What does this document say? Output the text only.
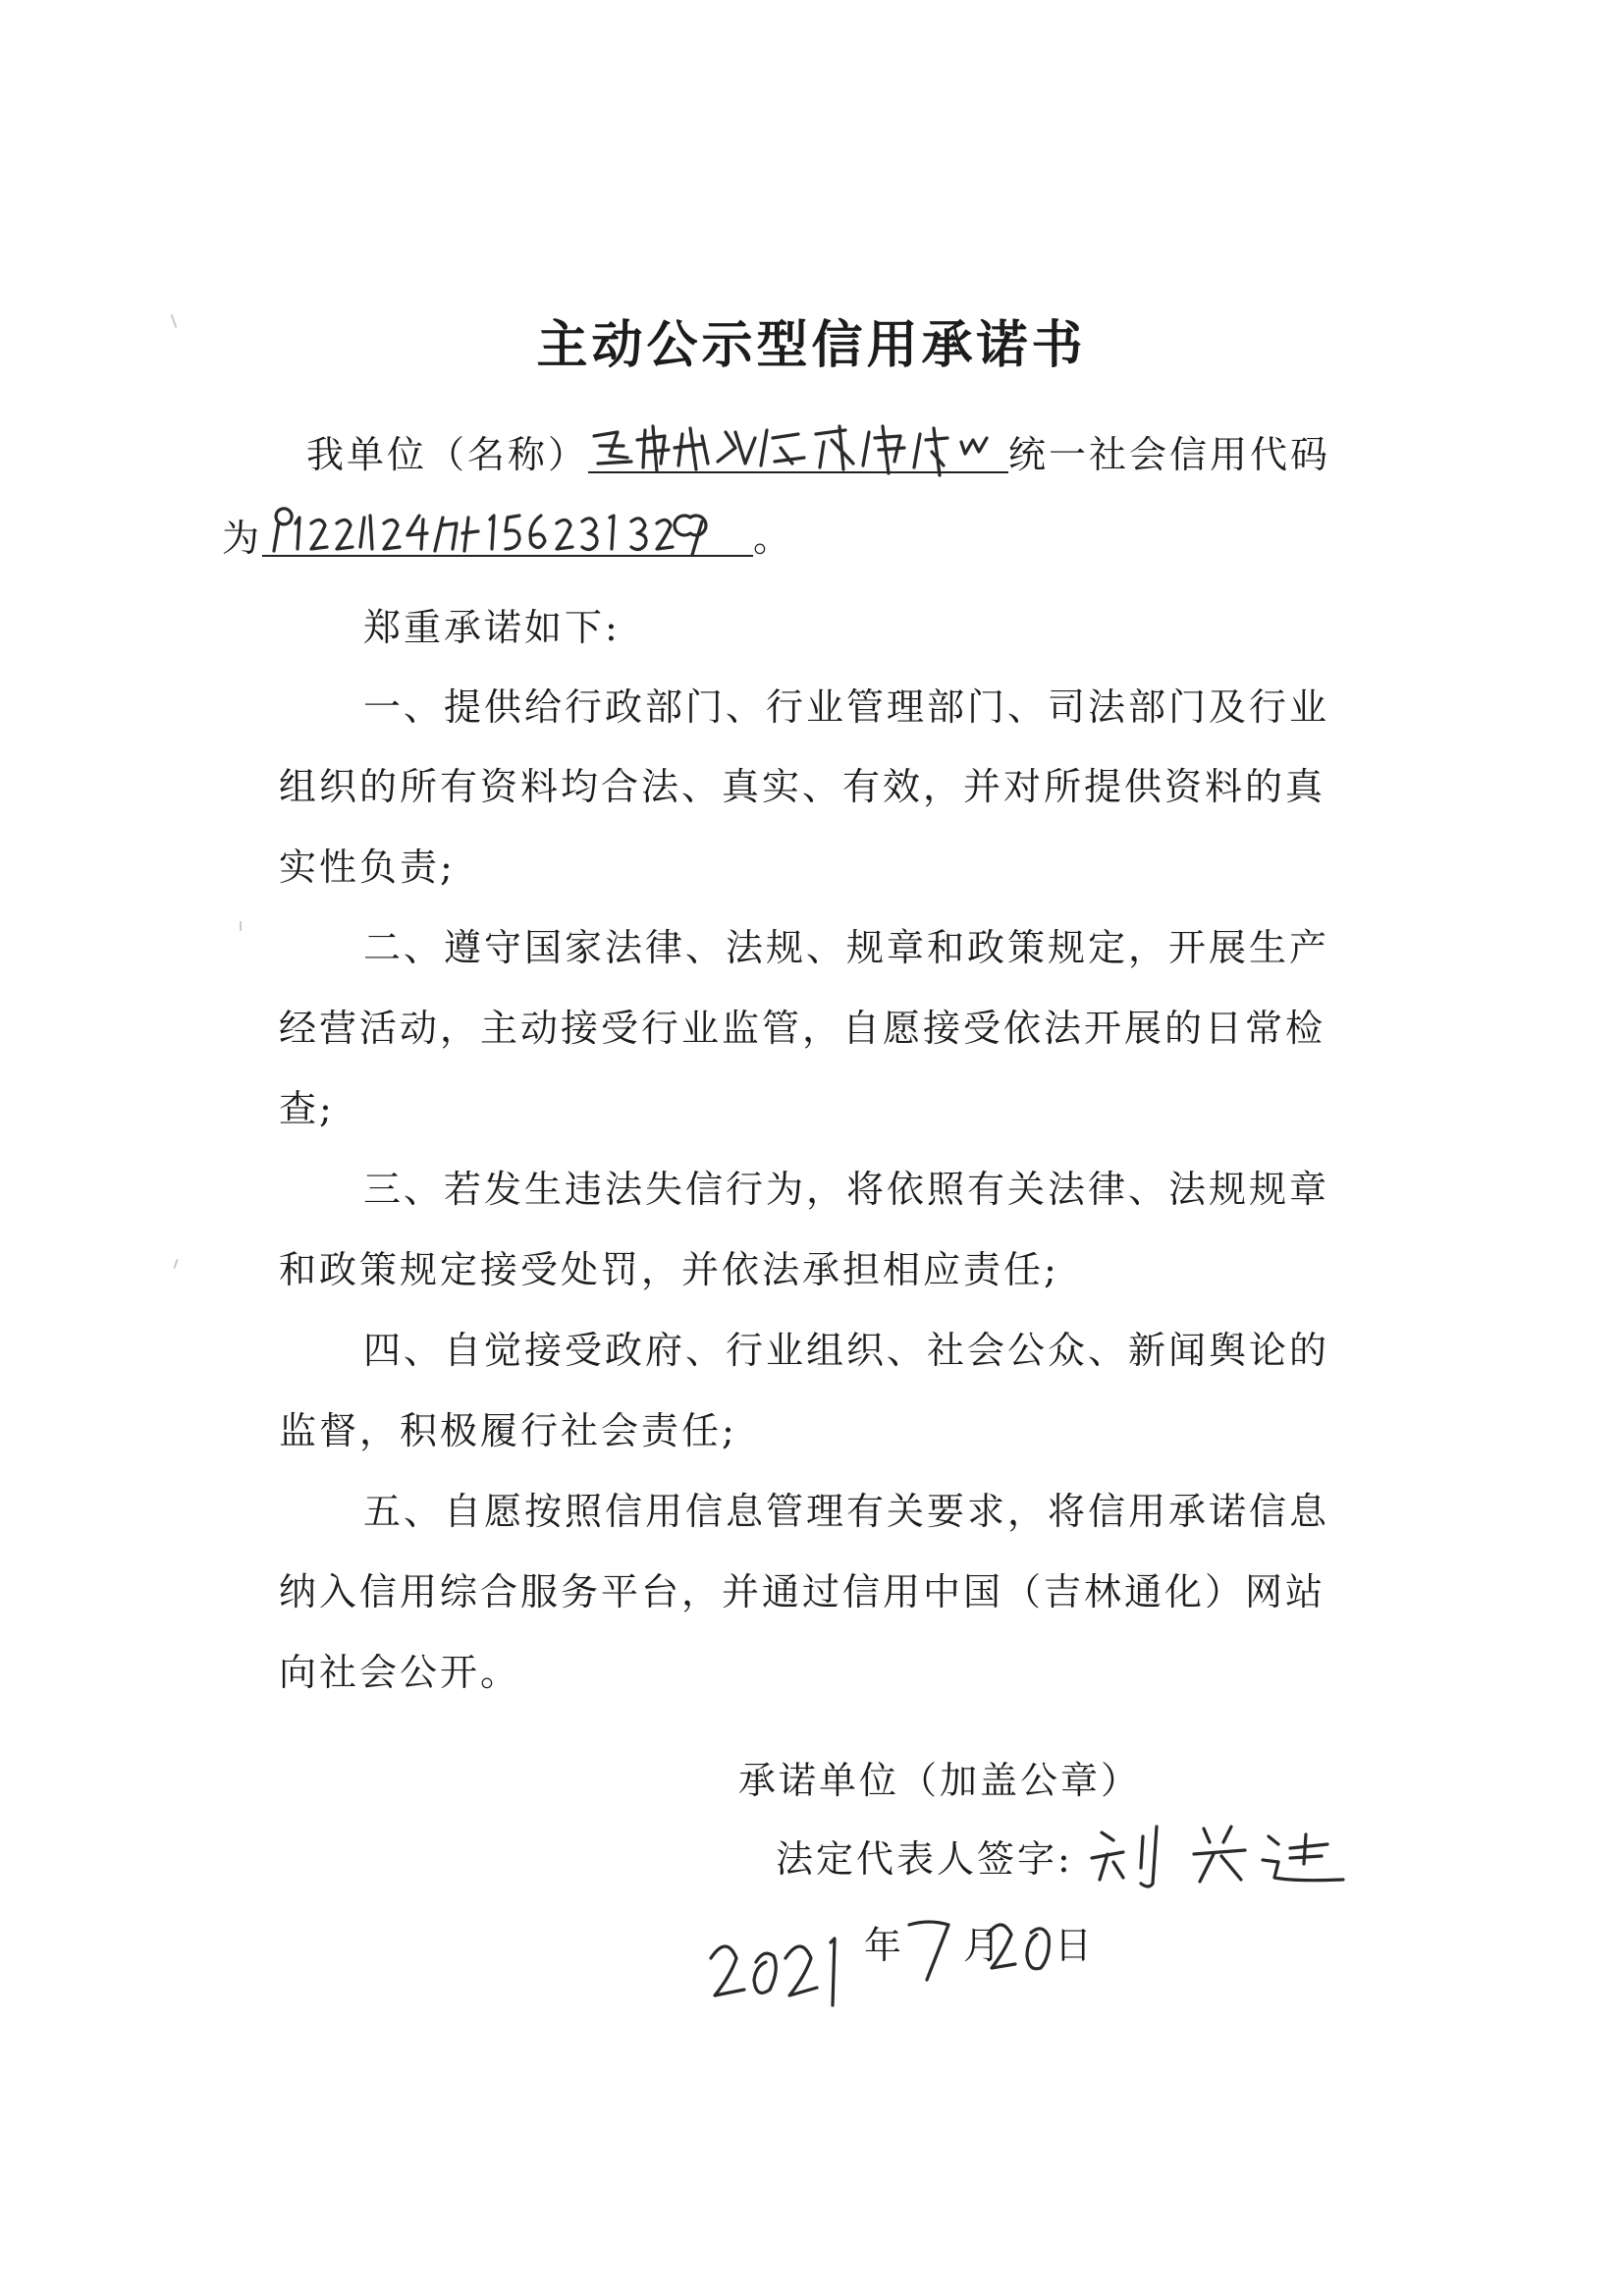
主动公示型信用承诺书
我单位（名称）	统一社会信用代码
为	。
郑重承诺如下:
一、提供给行政部门、行业管理部门、司法部门及行业
组织的所有资料均合法、真实、有效，并对所提供资料的真
实性负责;
二、遵守国家法律、法规、规章和政策规定，开展生产
经营活动，主动接受行业监管，自愿接受依法开展的日常检
查;
三、若发生违法失信行为，将依照有关法律、法规规章
和政策规定接受处罚，并依法承担相应责任;
四、自觉接受政府、行业组织、社会公众、新闻舆论的
监督，积极履行社会责任;
五、自愿按照信用信息管理有关要求，将信用承诺信息
纳入信用综合服务平台，并通过信用中国（吉林通化）网站
向社会公开。
承诺单位（加盖公章）
法定代表人签字:
年 月 日
